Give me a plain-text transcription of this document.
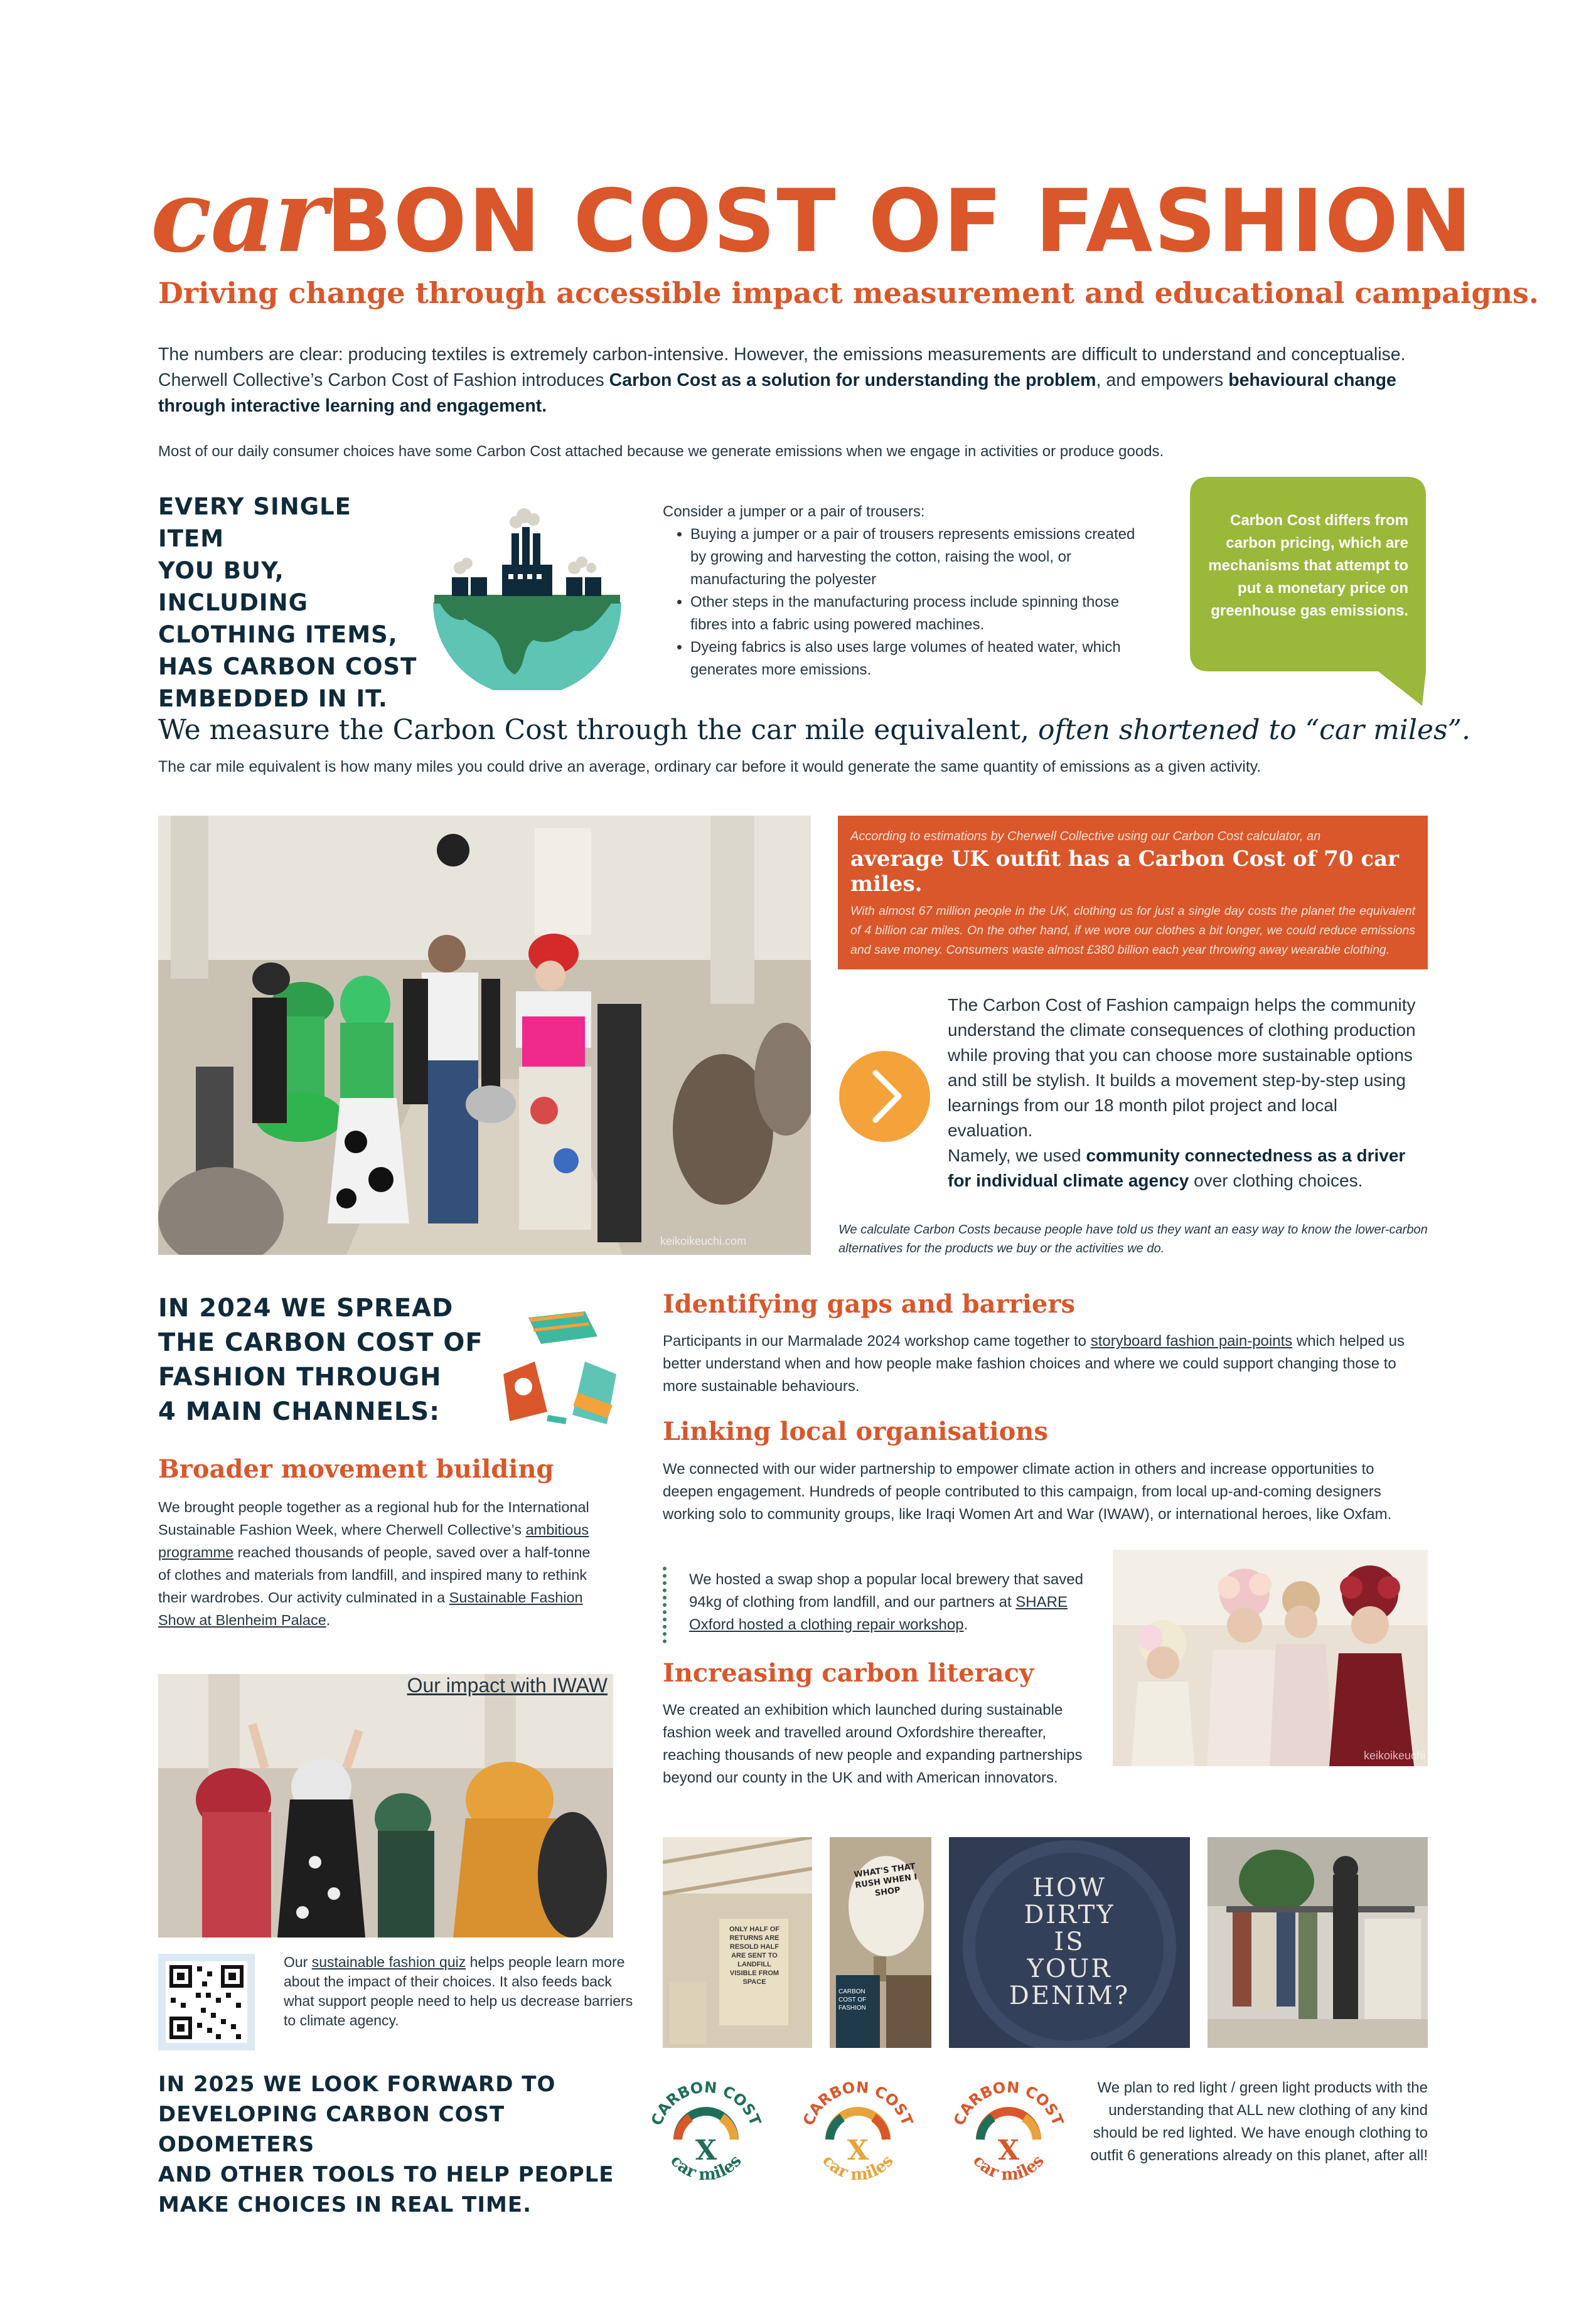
carBON COST OF FASHION
Driving change through accessible impact measurement and educational campaigns.
The numbers are clear: producing textiles is extremely carbon-intensive. However, the emissions measurements are difficult to understand and conceptualise. Cherwell Collective’s Carbon Cost of Fashion introduces Carbon Cost as a solution for understanding the problem, and empowers behavioural change through interactive learning and engagement.
Most of our daily consumer choices have some Carbon Cost attached because we generate emissions when we engage in activities or produce goods.
EVERY SINGLE ITEM
YOU BUY,
INCLUDING
CLOTHING ITEMS,
HAS CARBON COST
EMBEDDED IN IT.
Consider a jumper or a pair of trousers:
• Buying a jumper or a pair of trousers represents emissions created by growing and harvesting the cotton, raising the wool, or manufacturing the polyester
• Other steps in the manufacturing process include spinning those fibres into a fabric using powered machines.
• Dyeing fabrics is also uses large volumes of heated water, which generates more emissions.
Carbon Cost differs from carbon pricing, which are mechanisms that attempt to put a monetary price on greenhouse gas emissions.
We measure the Carbon Cost through the car mile equivalent, often shortened to “car miles”.
The car mile equivalent is how many miles you could drive an average, ordinary car before it would generate the same quantity of emissions as a given activity.
keikoikeuchi.com
According to estimations by Cherwell Collective using our Carbon Cost calculator, an
average UK outfit has a Carbon Cost of 70 car miles.
With almost 67 million people in the UK, clothing us for just a single day costs the planet the equivalent of 4 billion car miles. On the other hand, if we wore our clothes a bit longer, we could reduce emissions and save money. Consumers waste almost £380 billion each year throwing away wearable clothing.
The Carbon Cost of Fashion campaign helps the community understand the climate consequences of clothing production while proving that you can choose more sustainable options and still be stylish. It builds a movement step-by-step using learnings from our 18 month pilot project and local evaluation.
Namely, we used community connectedness as a driver for individual climate agency over clothing choices.
We calculate Carbon Costs because people have told us they want an easy way to know the lower-carbon alternatives for the products we buy or the activities we do.
IN 2024 WE SPREAD
THE CARBON COST OF
FASHION THROUGH
4 MAIN CHANNELS:
Broader movement building
We brought people together as a regional hub for the International Sustainable Fashion Week, where Cherwell Collective’s ambitious programme reached thousands of people, saved over a half-tonne of clothes and materials from landfill, and inspired many to rethink their wardrobes. Our activity culminated in a Sustainable Fashion Show at Blenheim Palace.
Our impact with IWAW
Our sustainable fashion quiz helps people learn more about the impact of their choices. It also feeds back what support people need to help us decrease barriers to climate agency.
IN 2025 WE LOOK FORWARD TO
DEVELOPING CARBON COST ODOMETERS
AND OTHER TOOLS TO HELP PEOPLE
MAKE CHOICES IN REAL TIME.
Identifying gaps and barriers
Participants in our Marmalade 2024 workshop came together to storyboard fashion pain-points which helped us better understand when and how people make fashion choices and where we could support changing those to more sustainable behaviours.
Linking local organisations
We connected with our wider partnership to empower climate action in others and increase opportunities to deepen engagement. Hundreds of people contributed to this campaign, from local up-and-coming designers working solo to community groups, like Iraqi Women Art and War (IWAW), or international heroes, like Oxfam.
We hosted a swap shop a popular local brewery that saved 94kg of clothing from landfill, and our partners at SHARE Oxford hosted a clothing repair workshop.
Increasing carbon literacy
We created an exhibition which launched during sustainable fashion week and travelled around Oxfordshire thereafter, reaching thousands of new people and expanding partnerships beyond our county in the UK and with American innovators.
keikoikeuchi
ONLY HALF OF RETURNS ARE RESOLD HALF ARE SENT TO LANDFILL VISIBLE FROM SPACE
WHAT'S THAT RUSH WHEN I SHOP
CARBON COST OF FASHION
HOW
DIRTY
IS
YOUR
DENIM?
CARBON COST
X
car miles
CARBON COST
X
car miles
CARBON COST
X
car miles
We plan to red light / green light products with the understanding that ALL new clothing of any kind should be red lighted. We have enough clothing to outfit 6 generations already on this planet, after all!
